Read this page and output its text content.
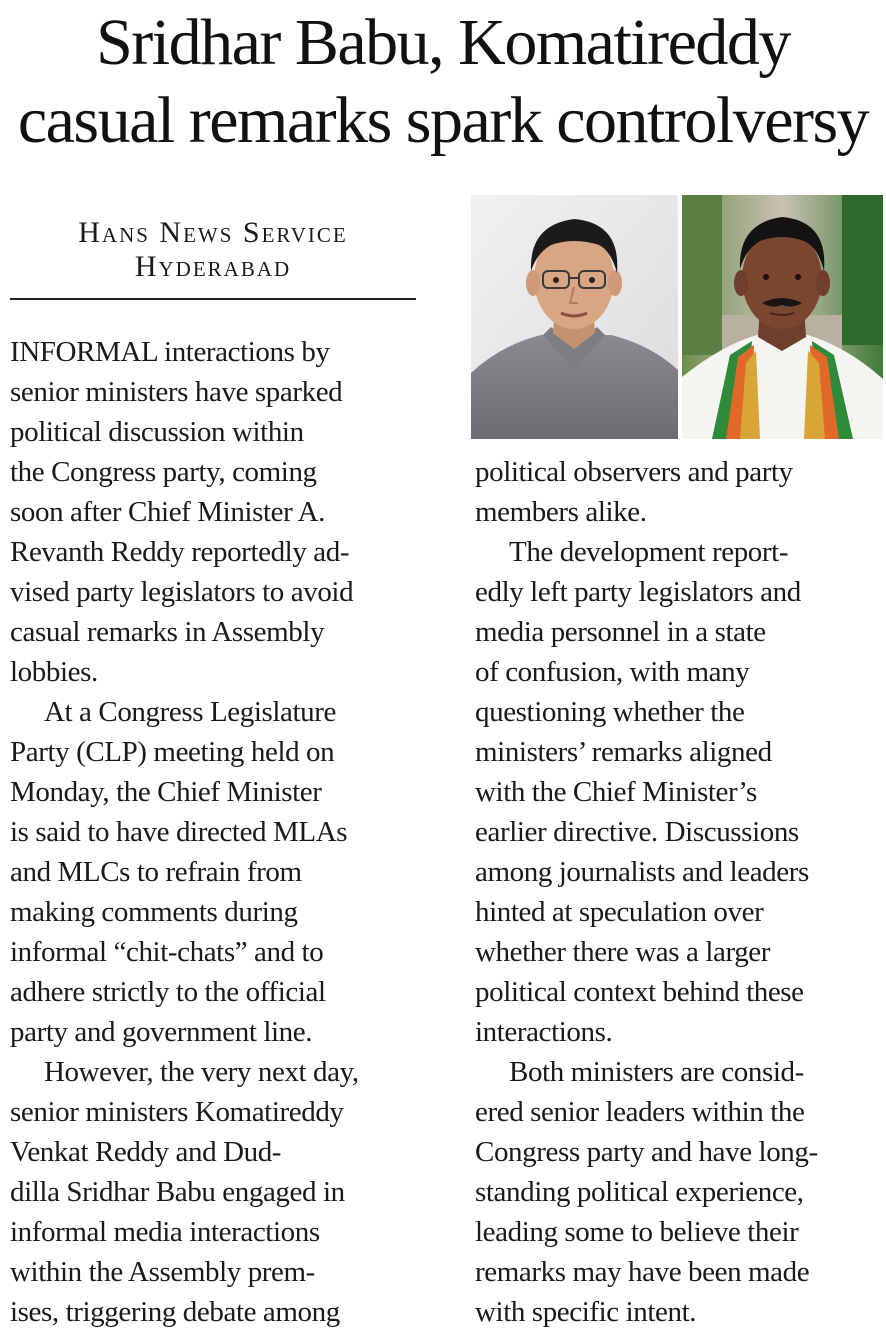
Sridhar Babu, Komatireddy
casual remarks spark controlversy
Hans News Service
Hyderabad

INFORMAL interactions by
senior ministers have sparked
political discussion within
the Congress party, coming
soon after Chief Minister A.
Revanth Reddy reportedly ad-
vised party legislators to avoid
casual remarks in Assembly
lobbies.

At a Congress Legislature
Party (CLP) meeting held on
Monday, the Chief Minister
is said to have directed MLAs
and MLCs to refrain from
making comments during
informal “chit-chats” and to
adhere strictly to the official
party and government line.

However, the very next day,
senior ministers Komatireddy
Venkat Reddy and Dud-
dilla Sridhar Babu engaged in
informal media interactions
within the Assembly prem-
ises, triggering debate among

political observers and party
members alike.

The development report-
edly left party legislators and
media personnel in a state
of confusion, with many
questioning whether the
ministers’ remarks aligned
with the Chief Minister’s
earlier directive. Discussions
among journalists and leaders
hinted at speculation over
whether there was a larger
political context behind these
interactions.

Both ministers are consid-
ered senior leaders within the
Congress party and have long-
standing political experience,
leading some to believe their
remarks may have been made
with specific intent.
